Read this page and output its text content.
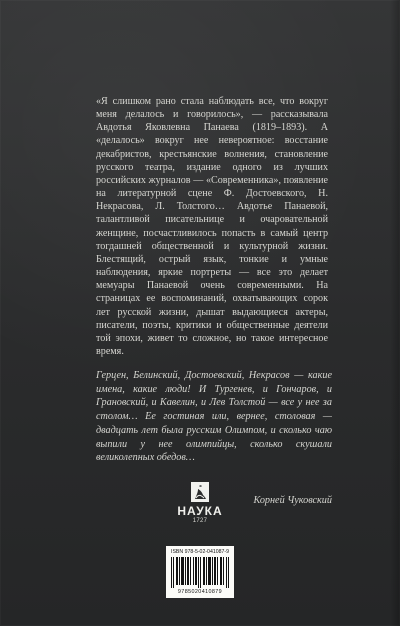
«Я слишком рано стала наблюдать все, что вокруг меня делалось и говорилось», — рассказывала Авдотья Яковлевна Панаева (1819–1893). А «делалось» вокруг нее невероятное: восстание декабристов, крестьянские волнения, становление русского театра, издание одного из лучших российских журналов — «Современника», появление на литературной сцене Ф. Достоевского, Н. Некрасова, Л. Толстого… Авдотье Панаевой, талантливой писательнице и очаровательной женщине, посчастливилось попасть в самый центр тогдашней общественной и культурной жизни. Блестящий, острый язык, тонкие и умные наблюдения, яркие портреты — все это делает мемуары Панаевой очень современными. На страницах ее воспоминаний, охватывающих сорок лет русской жизни, дышат выдающиеся актеры, писатели, поэты, критики и общественные деятели той эпохи, живет то сложное, но такое интересное время.

Герцен, Белинский, Достоевский, Некрасов — какие имена, какие люди! И Тургенев, и Гончаров, и Грановский, и Кавелин, и Лев Толстой — все у нее за столом… Ее гостиная или, вернее, столовая — двадцать лет была русским Олимпом, и сколько чаю выпили у нее олимпийцы, сколько скушали великолепных обедов…

Корней Чуковский
НАУКА
1727
ISBN 978-5-02-041087-9
9785020410879
